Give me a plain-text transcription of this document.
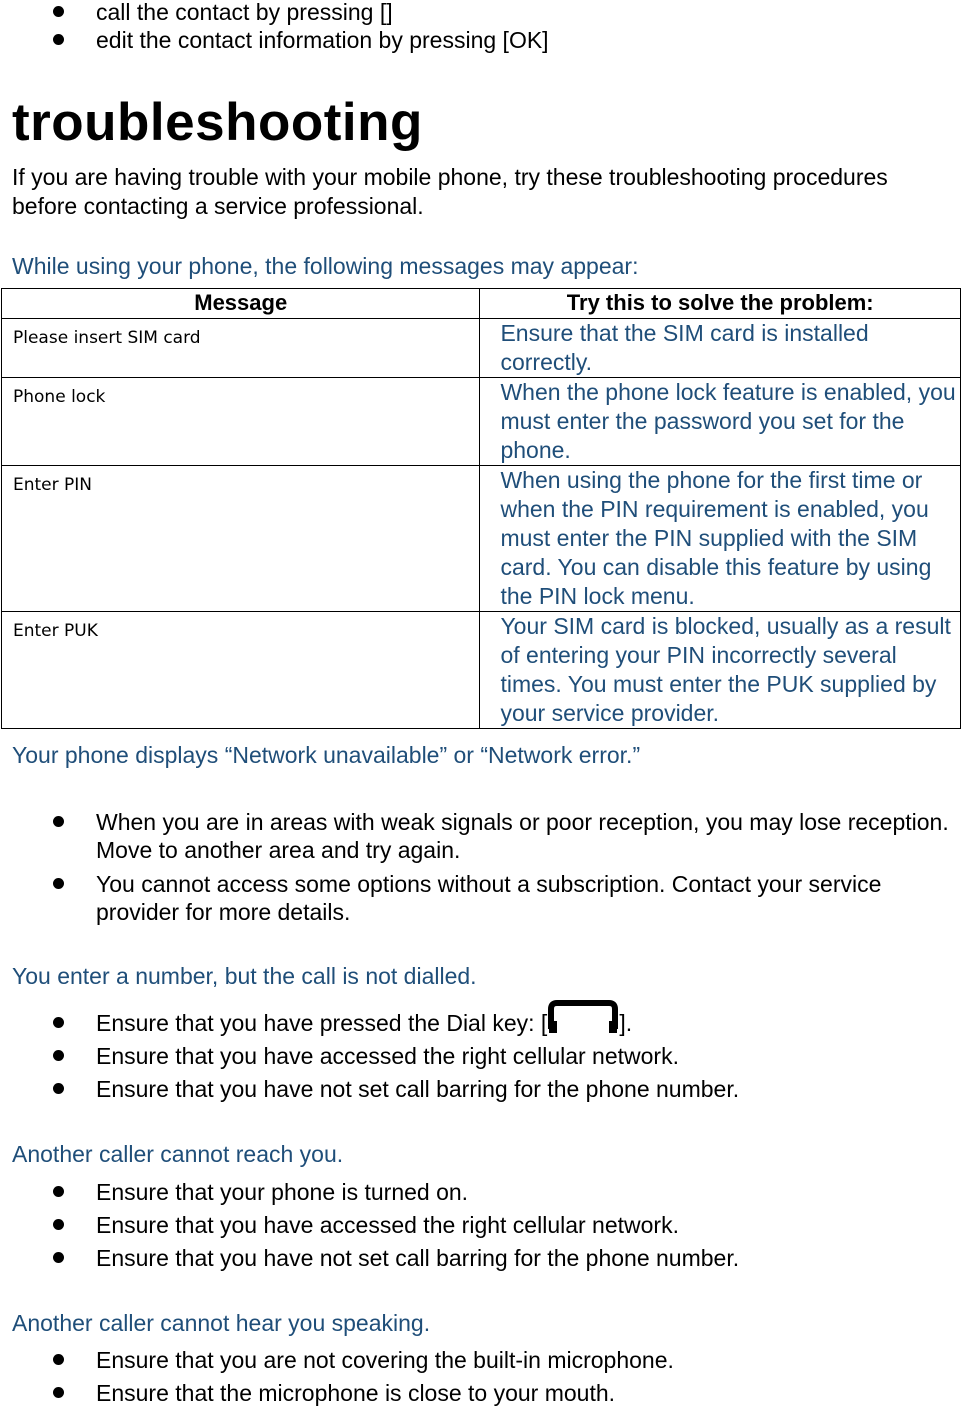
call the contact by pressing []
edit the contact information by pressing [OK]
troubleshooting

If you are having trouble with your mobile phone, try these troubleshooting procedures before contacting a service professional.

While using your phone, the following messages may appear:

Message	Try this to solve the problem:
Please insert SIM card	Ensure that the SIM card is installed correctly.
Phone lock	When the phone lock feature is enabled, you must enter the password you set for the phone.
Enter PIN	When using the phone for the first time or when the PIN requirement is enabled, you must enter the PIN supplied with the SIM card. You can disable this feature by using the PIN lock menu.
Enter PUK	Your SIM card is blocked, usually as a result of entering your PIN incorrectly several times. You must enter the PUK supplied by your service provider.

Your phone displays “Network unavailable” or “Network error.”

When you are in areas with weak signals or poor reception, you may lose reception. Move to another area and try again.
You cannot access some options without a subscription. Contact your service provider for more details.

You enter a number, but the call is not dialled.

Ensure that you have pressed the Dial key: [	].
Ensure that you have accessed the right cellular network.
Ensure that you have not set call barring for the phone number.

Another caller cannot reach you.

Ensure that your phone is turned on.
Ensure that you have accessed the right cellular network.
Ensure that you have not set call barring for the phone number.

Another caller cannot hear you speaking.

Ensure that you are not covering the built-in microphone.
Ensure that the microphone is close to your mouth.
